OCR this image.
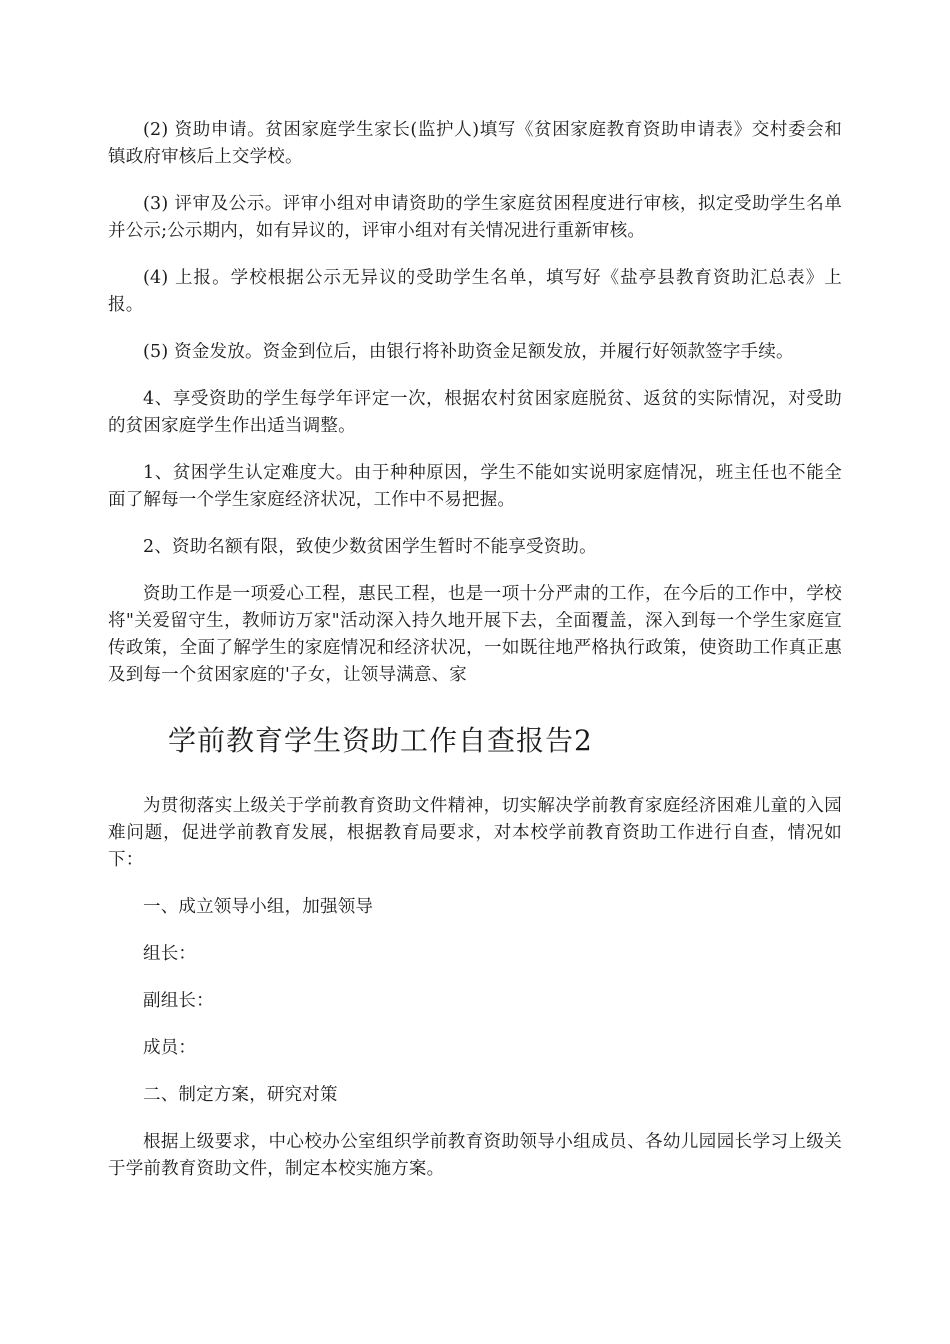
(2) 资助申请。贫困家庭学生家长(监护人)填写《贫困家庭教育资助申请表》交村委会和镇政府审核后上交学校。

(3) 评审及公示。评审小组对申请资助的学生家庭贫困程度进行审核，拟定受助学生名单并公示;公示期内，如有异议的，评审小组对有关情况进行重新审核。

(4) 上报。学校根据公示无异议的受助学生名单，填写好《盐亭县教育资助汇总表》上报。

(5) 资金发放。资金到位后，由银行将补助资金足额发放，并履行好领款签字手续。

4、享受资助的学生每学年评定一次，根据农村贫困家庭脱贫、返贫的实际情况，对受助的贫困家庭学生作出适当调整。

1、贫困学生认定难度大。由于种种原因，学生不能如实说明家庭情况，班主任也不能全面了解每一个学生家庭经济状况，工作中不易把握。

2、资助名额有限，致使少数贫困学生暂时不能享受资助。

资助工作是一项爱心工程，惠民工程，也是一项十分严肃的工作，在今后的工作中，学校将"关爱留守生，教师访万家"活动深入持久地开展下去，全面覆盖，深入到每一个学生家庭宣传政策，全面了解学生的家庭情况和经济状况，一如既往地严格执行政策，使资助工作真正惠及到每一个贫困家庭的'子女，让领导满意、家

学前教育学生资助工作自查报告2

为贯彻落实上级关于学前教育资助文件精神，切实解决学前教育家庭经济困难儿童的入园难问题，促进学前教育发展，根据教育局要求，对本校学前教育资助工作进行自查，情况如下：

一、成立领导小组，加强领导

组长：

副组长：

成员：

二、制定方案，研究对策

根据上级要求，中心校办公室组织学前教育资助领导小组成员、各幼儿园园长学习上级关于学前教育资助文件，制定本校实施方案。
